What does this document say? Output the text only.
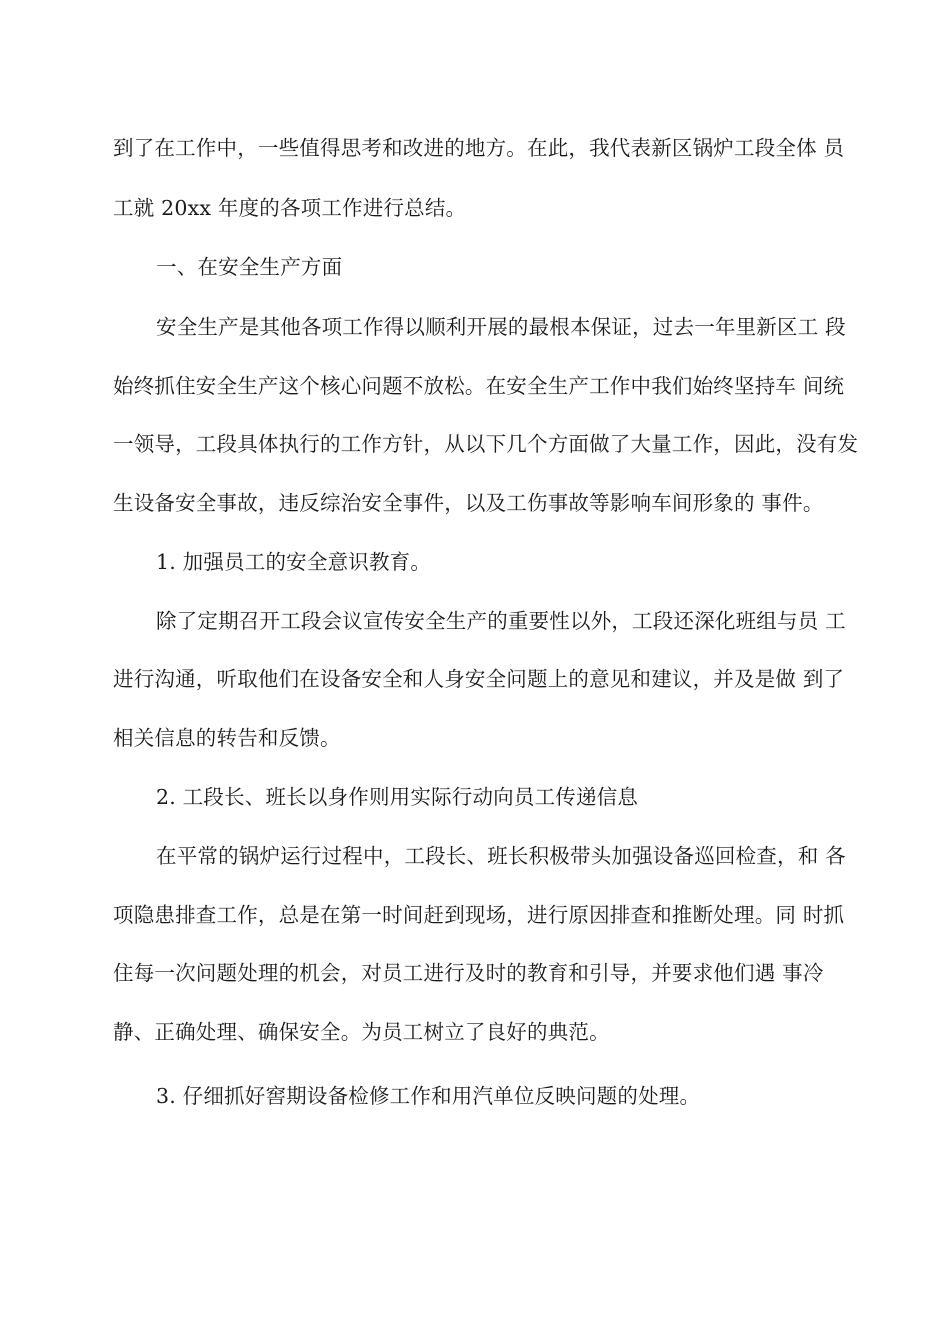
到了在工作中，一些值得思考和改进的地方。在此，我代表新区锅炉工段全体 员
工就 20xx 年度的各项工作进行总结。
一、在安全生产方面
安全生产是其他各项工作得以顺利开展的最根本保证，过去一年里新区工 段
始终抓住安全生产这个核心问题不放松。在安全生产工作中我们始终坚持车 间统
一领导，工段具体执行的工作方针，从以下几个方面做了大量工作，因此，没有发
生设备安全事故，违反综治安全事件，以及工伤事故等影响车间形象的 事件。
1. 加强员工的安全意识教育。
除了定期召开工段会议宣传安全生产的重要性以外，工段还深化班组与员 工
进行沟通，听取他们在设备安全和人身安全问题上的意见和建议，并及是做 到了
相关信息的转告和反馈。
2. 工段长、班长以身作则用实际行动向员工传递信息
在平常的锅炉运行过程中，工段长、班长积极带头加强设备巡回检查，和 各
项隐患排查工作，总是在第一时间赶到现场，进行原因排查和推断处理。同 时抓
住每一次问题处理的机会，对员工进行及时的教育和引导，并要求他们遇 事冷
静、正确处理、确保安全。为员工树立了良好的典范。
3. 仔细抓好窖期设备检修工作和用汽单位反映问题的处理。
